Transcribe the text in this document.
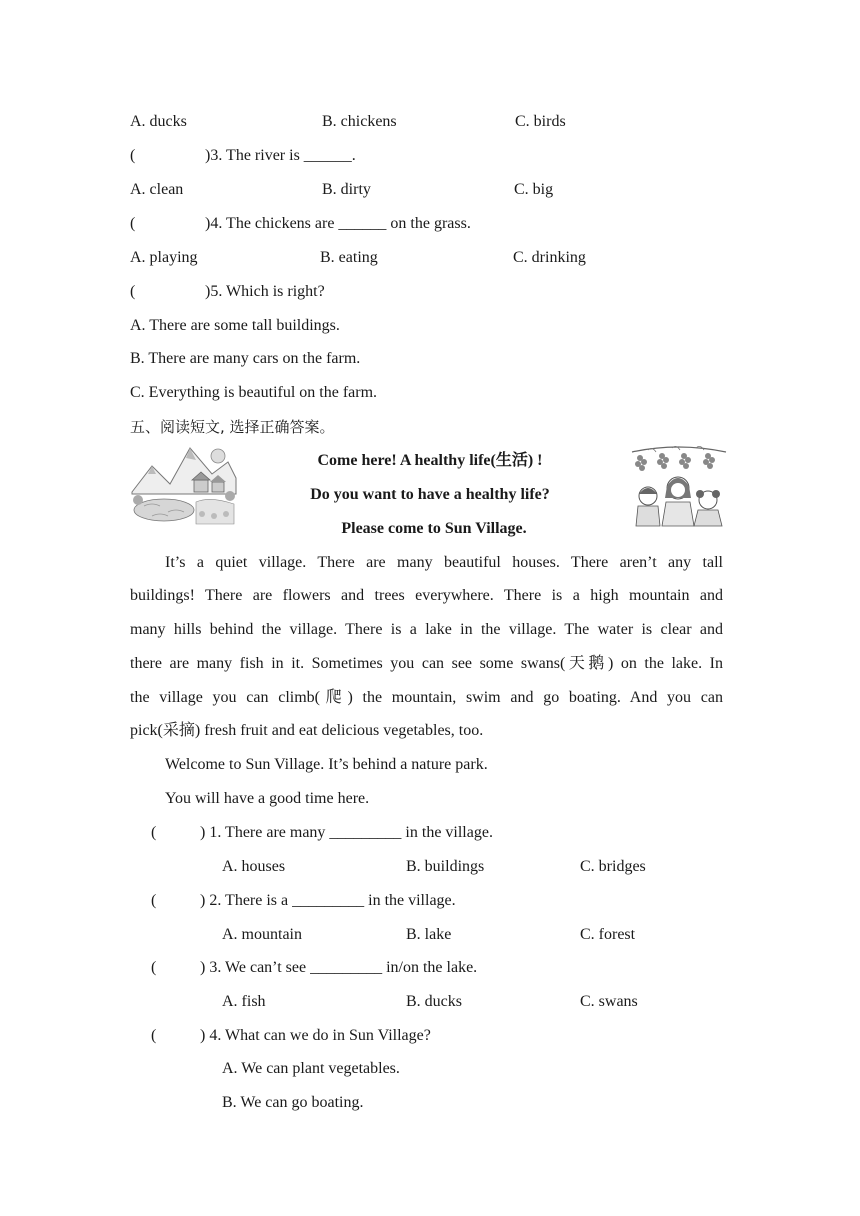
A. ducks	B. chickens	C. birds
(	)3. The river is ______.
A. clean	B. dirty	C. big
(	)4. The chickens are ______ on the grass.
A. playing	B. eating	C. drinking
(	)5. Which is right?
A. There are some tall buildings.
B. There are many cars on the farm.
C. Everything is beautiful on the farm.
五、阅读短文, 选择正确答案。
Come here! A healthy life(生活) !
Do you want to have a healthy life?
Please come to Sun Village.
It’s a quiet village. There are many beautiful houses. There aren’t any tall
buildings! There are flowers and trees everywhere. There is a high mountain and
many hills behind the village. There is a lake in the village. The water is clear and
there are many fish in it. Sometimes you can see some swans(天鹅) on the lake. In
the village you can climb(爬) the mountain, swim and go boating. And you can
pick(采摘) fresh fruit and eat delicious vegetables, too.
Welcome to Sun Village. It’s behind a nature park.
You will have a good time here.
(	) 1. There are many _________ in the village.
A. houses	B. buildings	C. bridges
(	) 2. There is a _________ in the village.
A. mountain	B. lake	C. forest
(	) 3. We can’t see _________ in/on the lake.
A. fish	B. ducks	C. swans
(	) 4. What can we do in Sun Village?
A. We can plant vegetables.
B. We can go boating.
